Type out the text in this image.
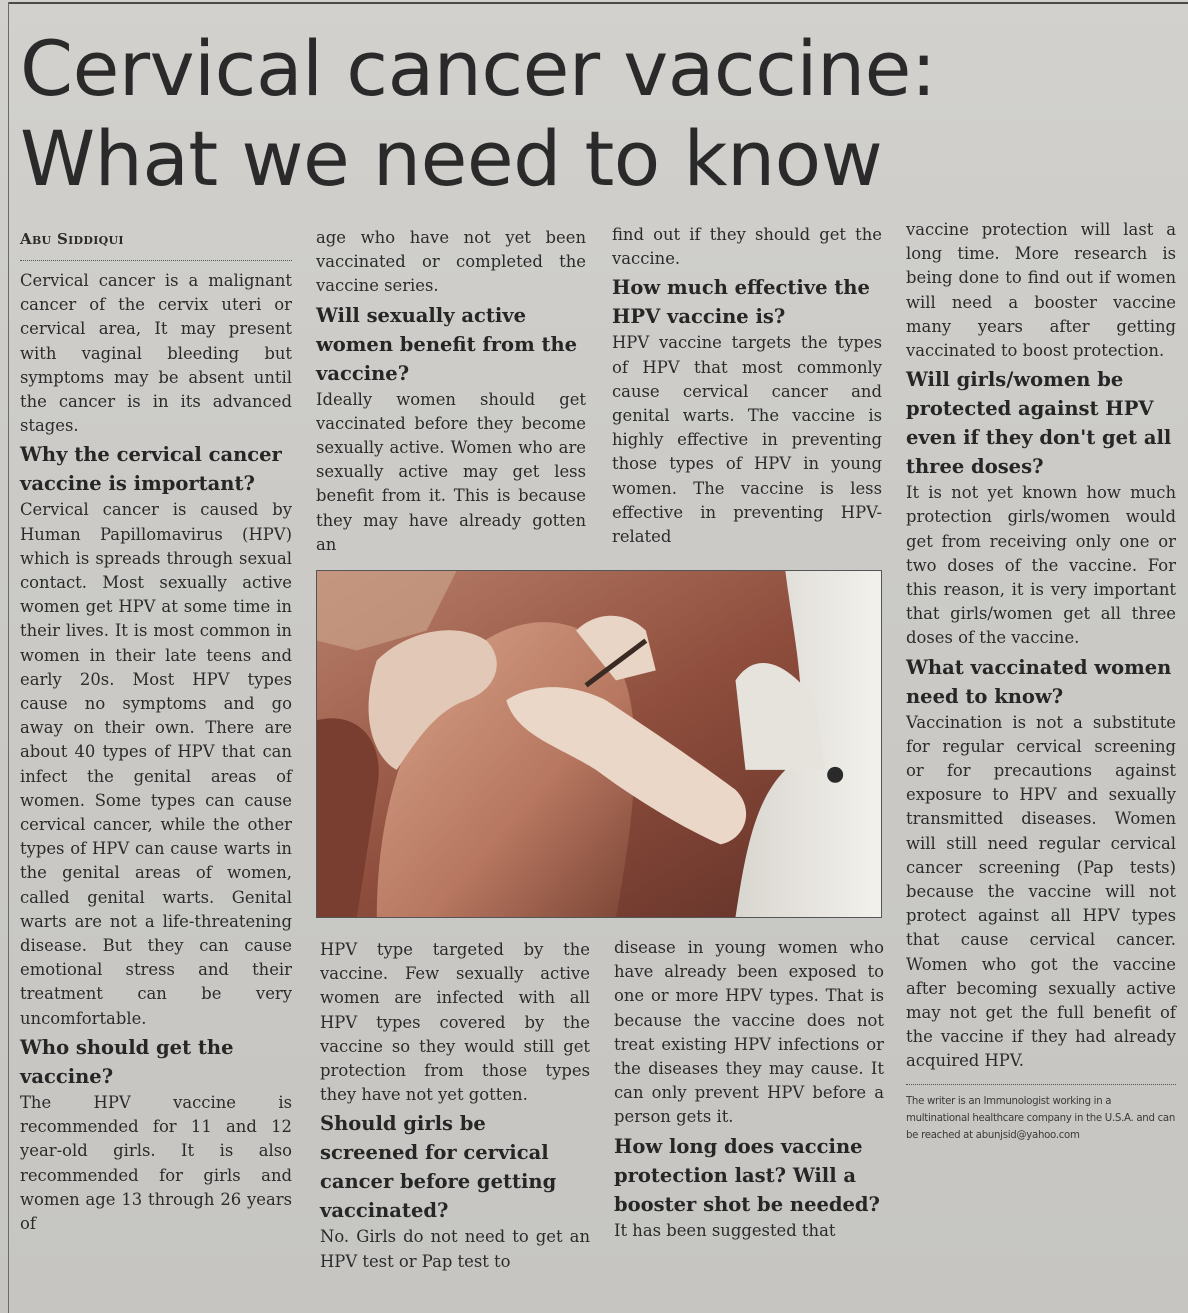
Cervical cancer vaccine:
What we need to know

Abu Siddiqui

Cervical cancer is a malignant cancer of the cervix uteri or cervical area, It may present with vaginal bleeding but symptoms may be absent until the cancer is in its advanced stages.

Why the cervical cancer vaccine is important?

Cervical cancer is caused by Human Papillomavirus (HPV) which is spreads through sexual contact. Most sexually active women get HPV at some time in their lives. It is most common in women in their late teens and early 20s. Most HPV types cause no symptoms and go away on their own. There are about 40 types of HPV that can infect the genital areas of women. Some types can cause cervical cancer, while the other types of HPV can cause warts in the genital areas of women, called genital warts. Genital warts are not a life-threatening disease. But they can cause emotional stress and their treatment can be very uncomfortable.

Who should get the vaccine?

The HPV vaccine is recommended for 11 and 12 year-old girls. It is also recommended for girls and women age 13 through 26 years of

age who have not yet been vaccinated or completed the vaccine series.

Will sexually active women benefit from the vaccine?

Ideally women should get vaccinated before they become sexually active. Women who are sexually active may get less benefit from it. This is because they may have already gotten an

find out if they should get the vaccine.

How much effective the HPV vaccine is?

HPV vaccine targets the types of HPV that most commonly cause cervical cancer and genital warts. The vaccine is highly effective in preventing those types of HPV in young women. The vaccine is less effective in preventing HPV-related

HPV type targeted by the vaccine. Few sexually active women are infected with all HPV types covered by the vaccine so they would still get protection from those types they have not yet gotten.

Should girls be screened for cervical cancer before getting vaccinated?

No. Girls do not need to get an HPV test or Pap test to

disease in young women who have already been exposed to one or more HPV types. That is because the vaccine does not treat existing HPV infections or the diseases they may cause. It can only prevent HPV before a person gets it.

How long does vaccine protection last? Will a booster shot be needed?

It has been suggested that

vaccine protection will last a long time. More research is being done to find out if women will need a booster vaccine many years after getting vaccinated to boost protection.

Will girls/women be protected against HPV even if they don't get all three doses?

It is not yet known how much protection girls/women would get from receiving only one or two doses of the vaccine. For this reason, it is very important that girls/women get all three doses of the vaccine.

What vaccinated women need to know?

Vaccination is not a substitute for regular cervical screening or for precautions against exposure to HPV and sexually transmitted diseases. Women will still need regular cervical cancer screening (Pap tests) because the vaccine will not protect against all HPV types that cause cervical cancer. Women who got the vaccine after becoming sexually active may not get the full benefit of the vaccine if they had already acquired HPV.

The writer is an Immunologist working in a multinational healthcare company in the U.S.A. and can be reached at abunjsid@yahoo.com
